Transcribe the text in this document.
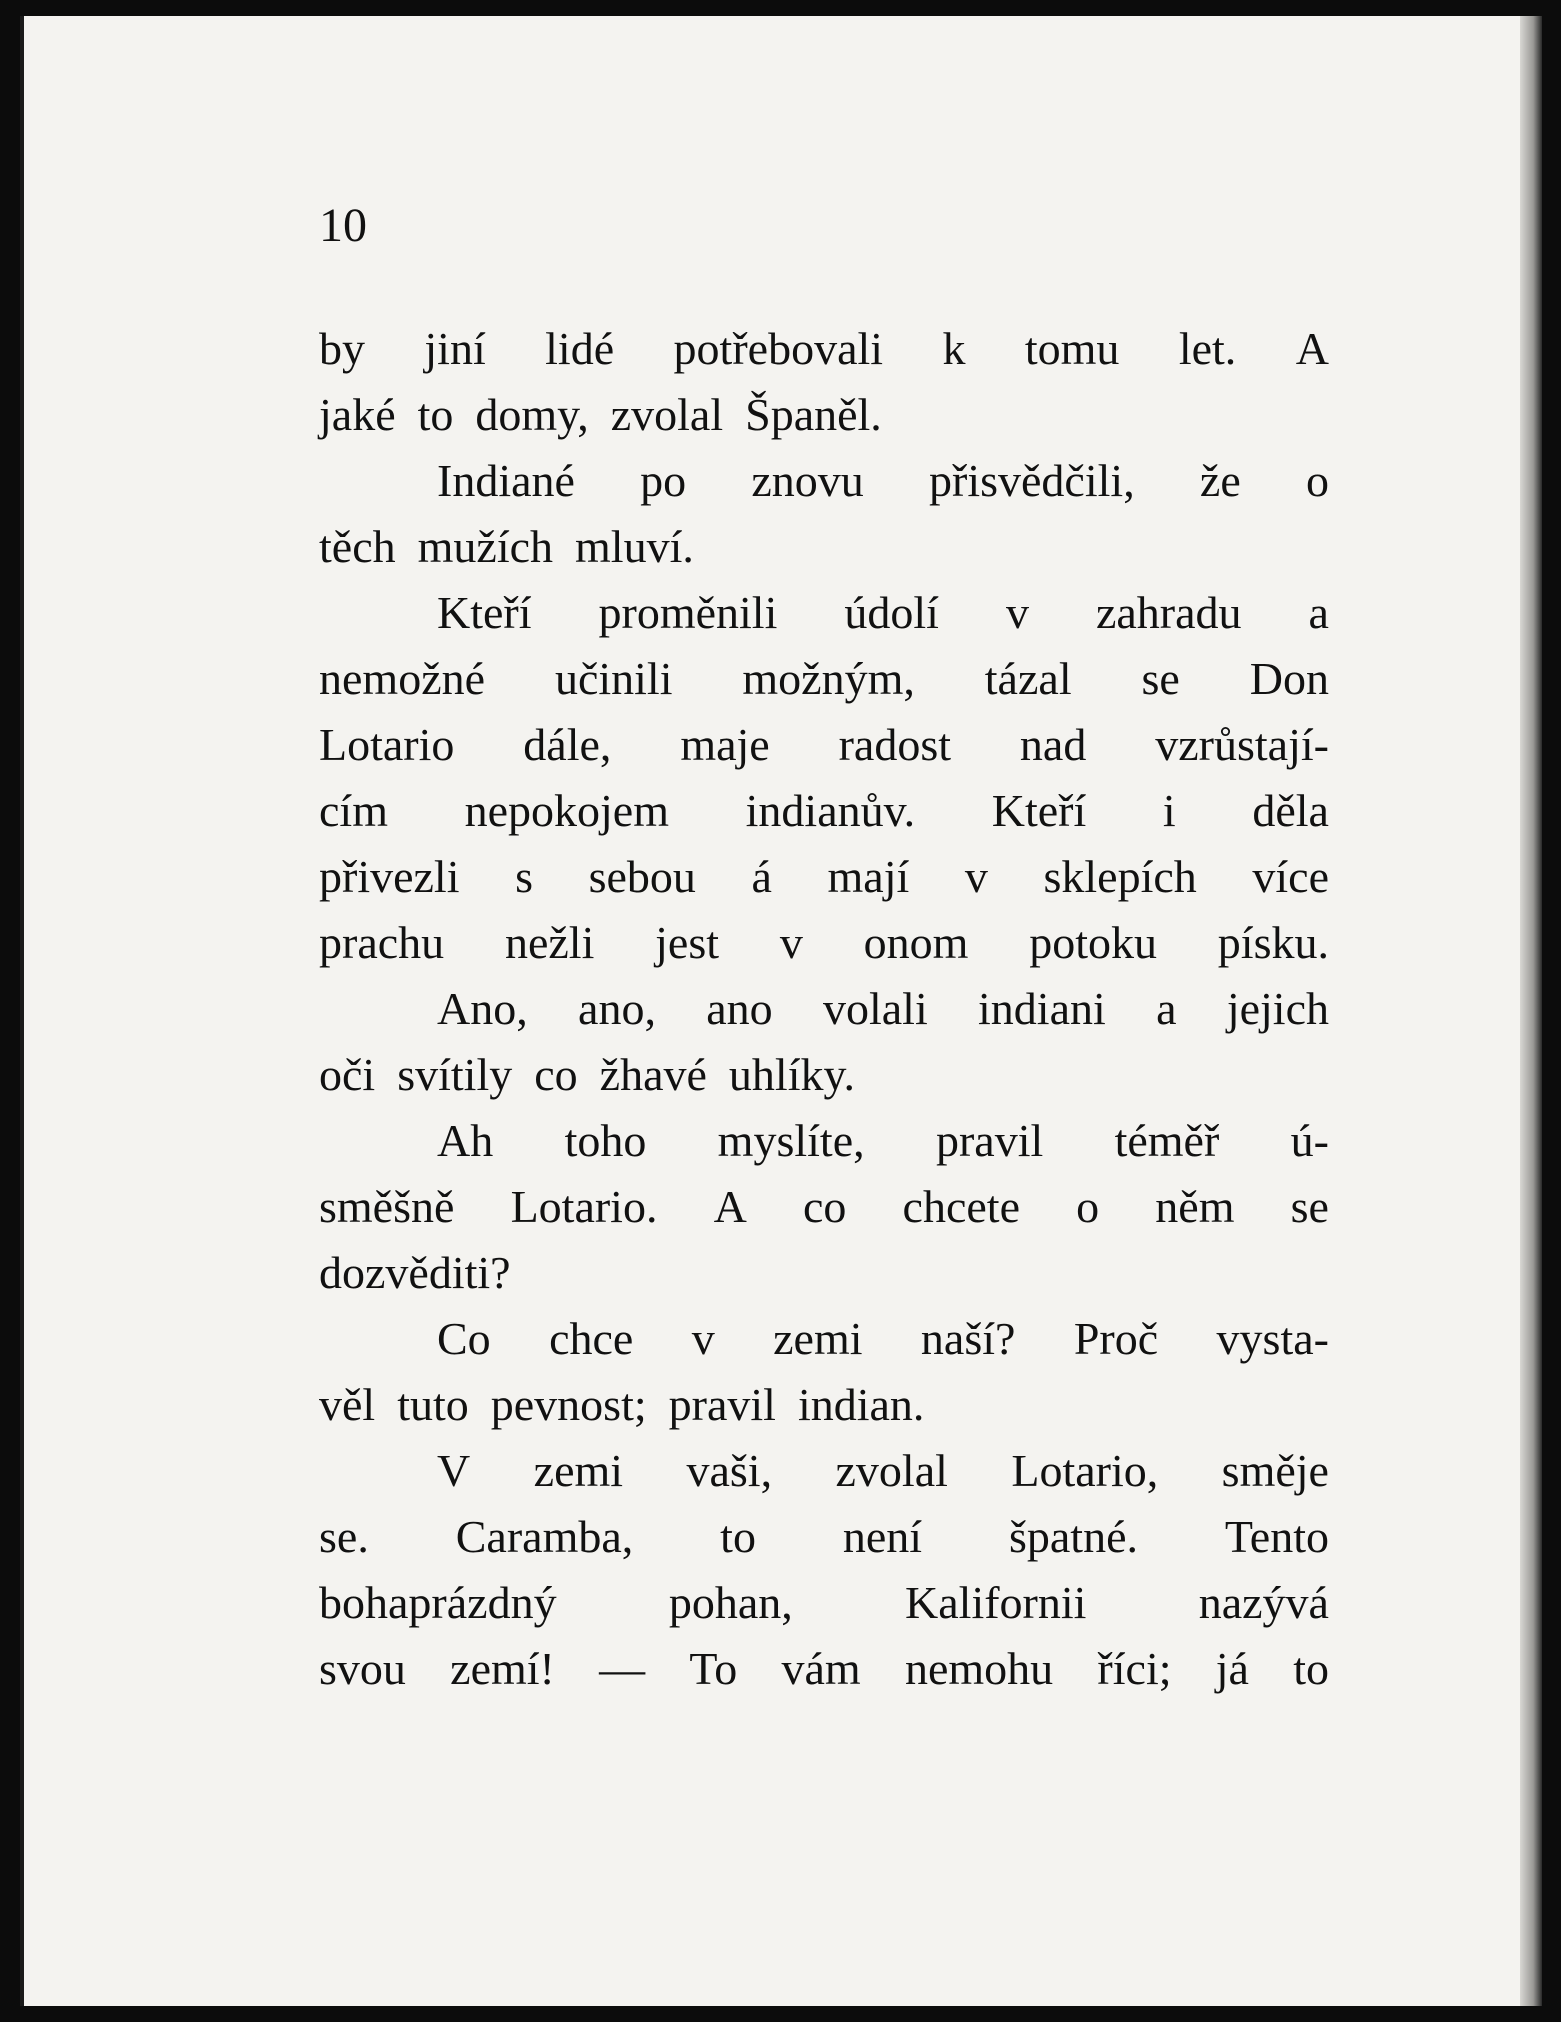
10
by jiní lidé potřebovali k tomu let. A
jaké to domy, zvolal Španěl.
Indiané po znovu přisvědčili, že o
těch mužích mluví.
Kteří proměnili údolí v zahradu a
nemožné učinili možným, tázal se Don
Lotario dále, maje radost nad vzrůstají-
cím nepokojem indianův. Kteří i děla
přivezli s sebou á mají v sklepích více
prachu nežli jest v onom potoku písku.
Ano, ano, ano volali indiani a jejich
oči svítily co žhavé uhlíky.
Ah toho myslíte, pravil téměř ú-
směšně Lotario. A co chcete o něm se
dozvěditi?
Co chce v zemi naší? Proč vysta-
věl tuto pevnost; pravil indian.
V zemi vaši, zvolal Lotario, směje
se. Caramba, to není špatné. Tento
bohaprázdný pohan, Kalifornii nazývá
svou zemí! — To vám nemohu říci; já to
